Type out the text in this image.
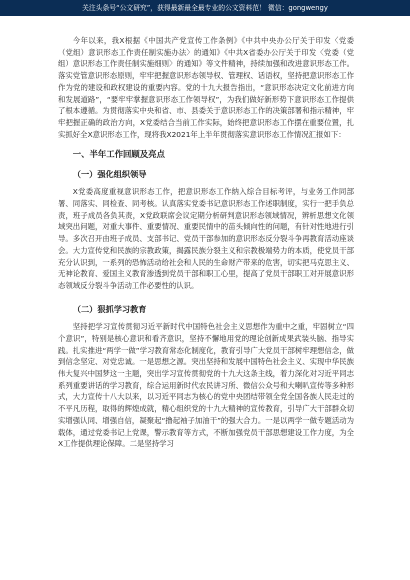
关注头条号“公文研究”，获得最新最全最专业的公文资料范！ 微信：gongwengy

今年以来，我X根据《中国共产党宣传工作条例》《中共中央办公厅关于印发〈党委（党组）意识形态工作责任制实施办法〉的通知》《中共X省委办公厅关于印发〈党委（党组）意识形态工作责任制实施细则〉的通知》等文件精神，持续加强和改进意识形态工作。落实党管意识形态原则，牢牢把握意识形态领导权、管理权、话语权，坚持把意识形态工作作为党的建设和政权建设的重要内容。党的十九大报告指出，“意识形态决定文化前进方向和发展道路”，“要牢牢掌握意识形态工作领导权”，为我们做好新形势下意识形态工作提供了根本遵循。为贯彻落实中央和省、市、县委关于意识形态工作的决策部署和指示精神，牢牢把握正确的政治方向，X党委结合当前工作实际，始终把意识形态工作摆在重要位置，扎实抓好全X意识形态工作，现将我X2021年上半年贯彻落实意识形态工作情况汇报如下：

一、半年工作回顾及亮点
（一）强化组织领导

X党委高度重视意识形态工作，把意识形态工作纳入综合目标考评，与业务工作同部署、同落实、同检查、同考核。认真落实党委书记意识形态工作述职制度，实行一把手负总责，班子成员各负其责，X党政联席会议定期分析研判意识形态领域情况，辨析思想文化领域突出问题，对重大事件、重要情况、重要民情中的苗头倾向性的问题，有针对性地进行引导。多次召开由班子成员、支部书记、党员干部参加的意识形态反分裂斗争再教育活动座谈会。大力宣传党和民族的宗教政策，揭露民族分裂主义和宗教极端势力的本质，使党员干部充分认识到，一系列的恐怖活动给社会和人民的生命财产带来的危害，切实把马克思主义、无神论教育、爱国主义教育渗透到党员干部和职工心里，提高了党员干部职工对开展意识形态领域反分裂斗争活动工作必要性的认识。

（二）狠抓学习教育

坚持把学习宣传贯彻习近平新时代中国特色社会主义思想作为重中之重，牢固树立“四个意识”，特别是核心意识和看齐意识，坚持不懈地用党的理论创新成果武装头脑、指导实践。扎实推进“两学一做”学习教育常态化制度化，教育引导广大党员干部树牢理想信念，做到信念坚定、对党忠诚。一是思想之源。突出坚持和发展中国特色社会主义、实现中华民族伟大复兴中国梦这一主题，突出学习宣传贯彻党的十九大这条主线，着力深化对习近平同志系列重要讲话的学习教育，综合运用新时代农民讲习所、微信公众号和大喇叭宣传等多种形式，大力宣传十八大以来，以习近平同志为核心的党中央团结带领全党全国各族人民走过的不平凡历程，取得的辉煌成就，精心组织党的十九大精神的宣传教育，引导广大干部群众切实增强认同、增强自信，凝聚起“撸起袖子加油干”的强大合力。一是以两学一做专题活动为载体，通过党委书记上党课，警示教育等方式，不断加强党员干部思想建设工作力度，为全X工作提供理论保障。二是坚持学习
